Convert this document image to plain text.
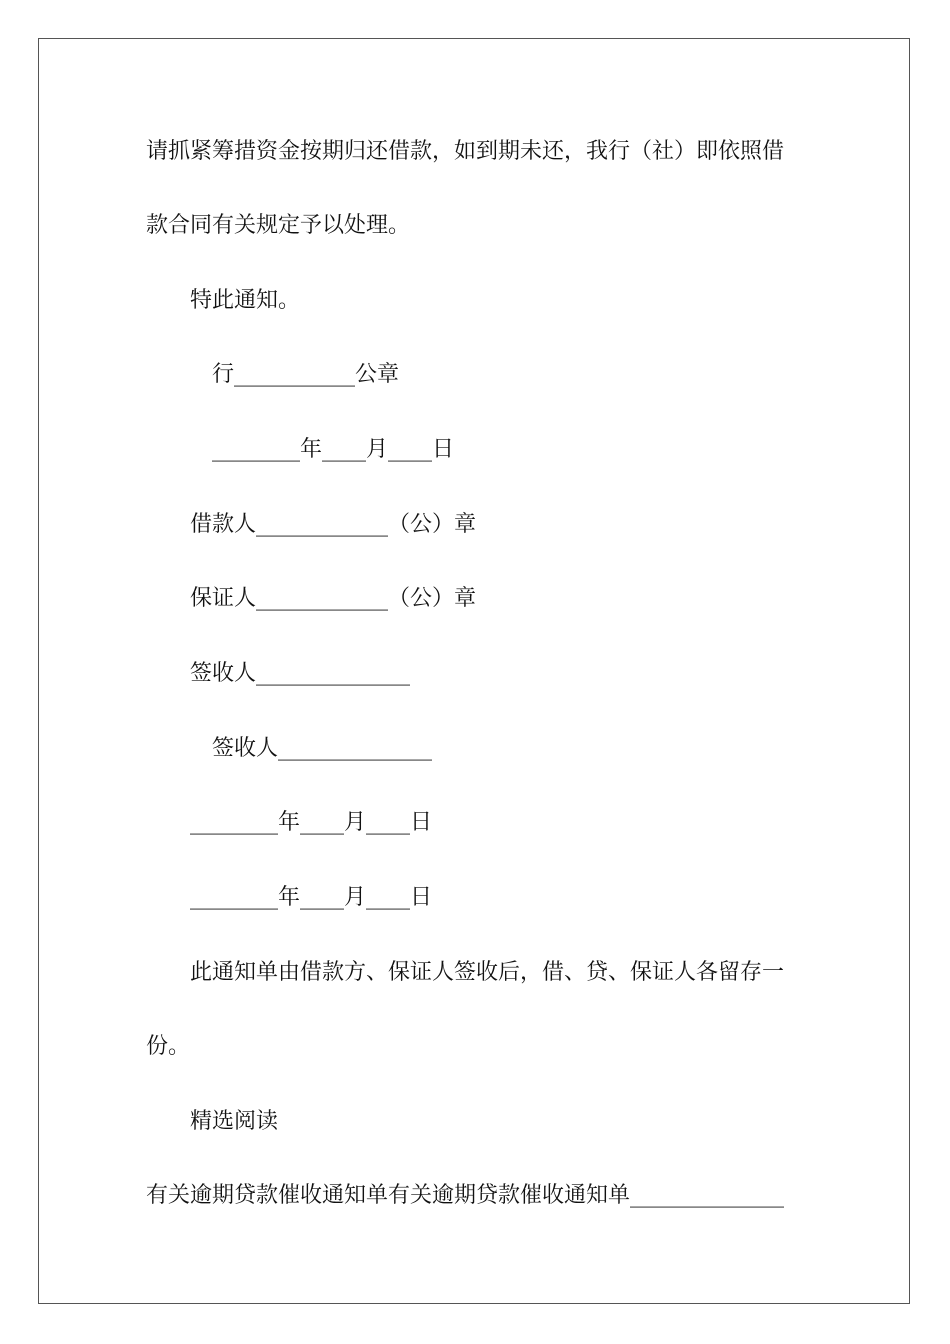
请抓紧筹措资金按期归还借款，如到期未还，我行（社）即依照借

款合同有关规定予以处理。

特此通知。

行___________公章

________年____月____日

借款人____________（公）章

保证人____________（公）章

签收人______________

签收人______________

________年____月____日

________年____月____日

此通知单由借款方、保证人签收后，借、贷、保证人各留存一

份。

精选阅读

有关逾期贷款催收通知单有关逾期贷款催收通知单______________
